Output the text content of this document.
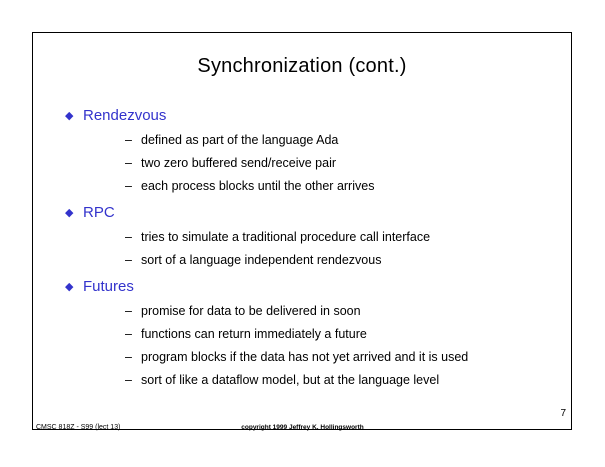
Synchronization (cont.)
◆ Rendezvous
– defined as part of the language Ada
– two zero buffered send/receive pair
– each process blocks until the other arrives
◆ RPC
– tries to simulate a traditional procedure call interface
– sort of a language independent rendezvous
◆ Futures
– promise for data to be delivered in soon
– functions can return immediately a future
– program blocks if the data has not yet arrived and it is used
– sort of like a dataflow model, but at the language level
7
CMSC 818Z - S99 (lect 13)	copyright 1999 Jeffrey K. Hollingsworth
